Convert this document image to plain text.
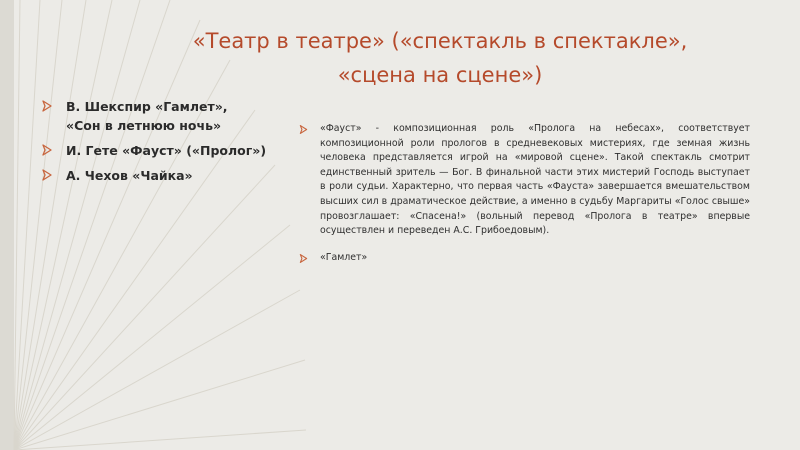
«Театр в театре» («спектакль в спектакле»,
«сцена на сцене»)
В. Шекспир «Гамлет»,
«Сон в летнюю ночь»
И. Гете «Фауст» («Пролог»)
А. Чехов «Чайка»
«Фауст» - композиционная роль «Пролога на небесах», соответствует композиционной роли прологов в средневековых мистериях, где земная жизнь человека представляется игрой на «мировой сцене». Такой спектакль смотрит единственный зритель — Бог. В финальной части этих мистерий Господь выступает в роли судьи. Характерно, что первая часть «Фауста» завершается вмешательством высших сил в драматическое действие, а именно в судьбу Маргариты «Голос свыше» провозглашает: «Спасена!» (вольный перевод «Пролога в театре» впервые осуществлен и переведен А.С. Грибоедовым).
«Гамлет»
